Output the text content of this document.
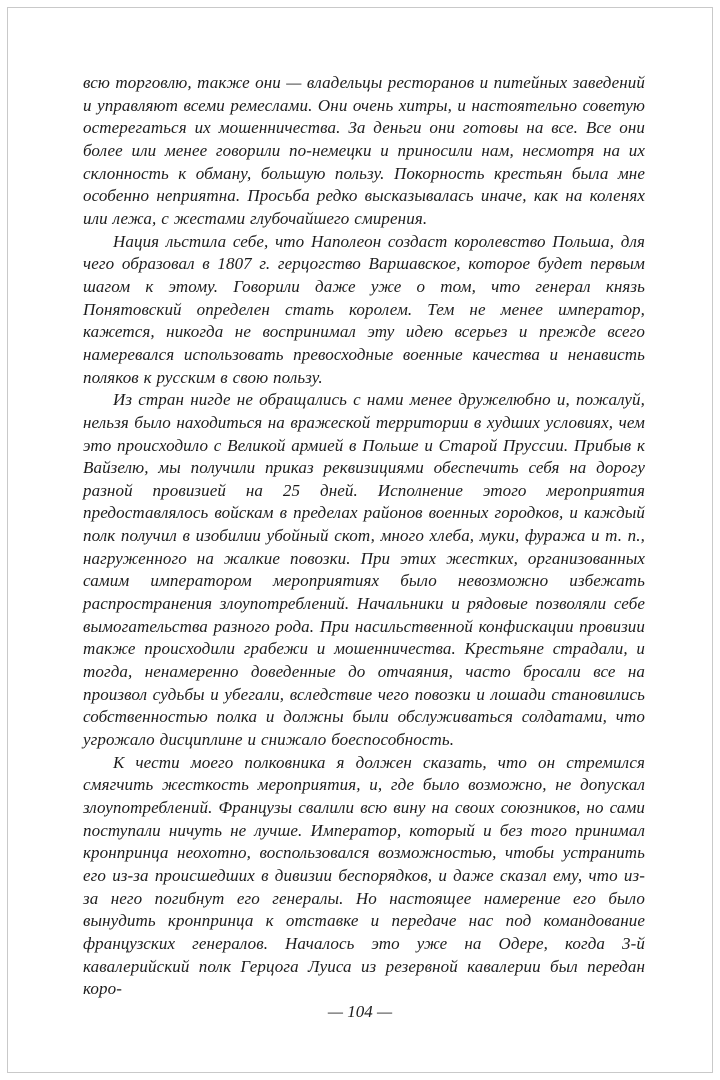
всю торговлю, также они — владельцы ресторанов и питейных заведений и управляют всеми ремеслами. Они очень хитры, и настоятельно советую остерегаться их мошенничества. За деньги они готовы на все. Все они более или менее говорили по-немецки и приносили нам, несмотря на их склонность к обману, большую пользу. Покорность крестьян была мне особенно неприятна. Просьба редко высказывалась иначе, как на коленях или лежа, с жестами глубочайшего смирения.

Нация льстила себе, что Наполеон создаст королевство Польша, для чего образовал в 1807 г. герцогство Варшавское, которое будет первым шагом к этому. Говорили даже уже о том, что генерал князь Понятовский определен стать королем. Тем не менее император, кажется, никогда не воспринимал эту идею всерьез и прежде всего намеревался использовать превосходные военные качества и ненависть поляков к русским в свою пользу.

Из стран нигде не обращались с нами менее дружелюбно и, пожалуй, нельзя было находиться на вражеской территории в худших условиях, чем это происходило с Великой армией в Польше и Старой Пруссии. Прибыв к Вайзелю, мы получили приказ реквизициями обеспечить себя на дорогу разной провизией на 25 дней. Исполнение этого мероприятия предоставлялось войскам в пределах районов военных городков, и каждый полк получил в изобилии убойный скот, много хлеба, муки, фуража и т. п., нагруженного на жалкие повозки. При этих жестких, организованных самим императором мероприятиях было невозможно избежать распространения злоупотреблений. Начальники и рядовые позволяли себе вымогательства разного рода. При насильственной конфискации провизии также происходили грабежи и мошенничества. Крестьяне страдали, и тогда, ненамеренно доведенные до отчаяния, часто бросали все на произвол судьбы и убегали, вследствие чего повозки и лошади становились собственностью полка и должны были обслуживаться солдатами, что угрожало дисциплине и снижало боеспособность.

К чести моего полковника я должен сказать, что он стремился смягчить жесткость мероприятия, и, где было возможно, не допускал злоупотреблений. Французы свалили всю вину на своих союзников, но сами поступали ничуть не лучше. Император, который и без того принимал кронпринца неохотно, воспользовался возможностью, чтобы устранить его из-за происшедших в дивизии беспорядков, и даже сказал ему, что из-за него погибнут его генералы. Но настоящее намерение его было вынудить кронпринца к отставке и передаче нас под командование французских генералов. Началось это уже на Одере, когда 3-й кавалерийский полк Герцога Луиса из резервной кавалерии был передан коро-

— 104 —
